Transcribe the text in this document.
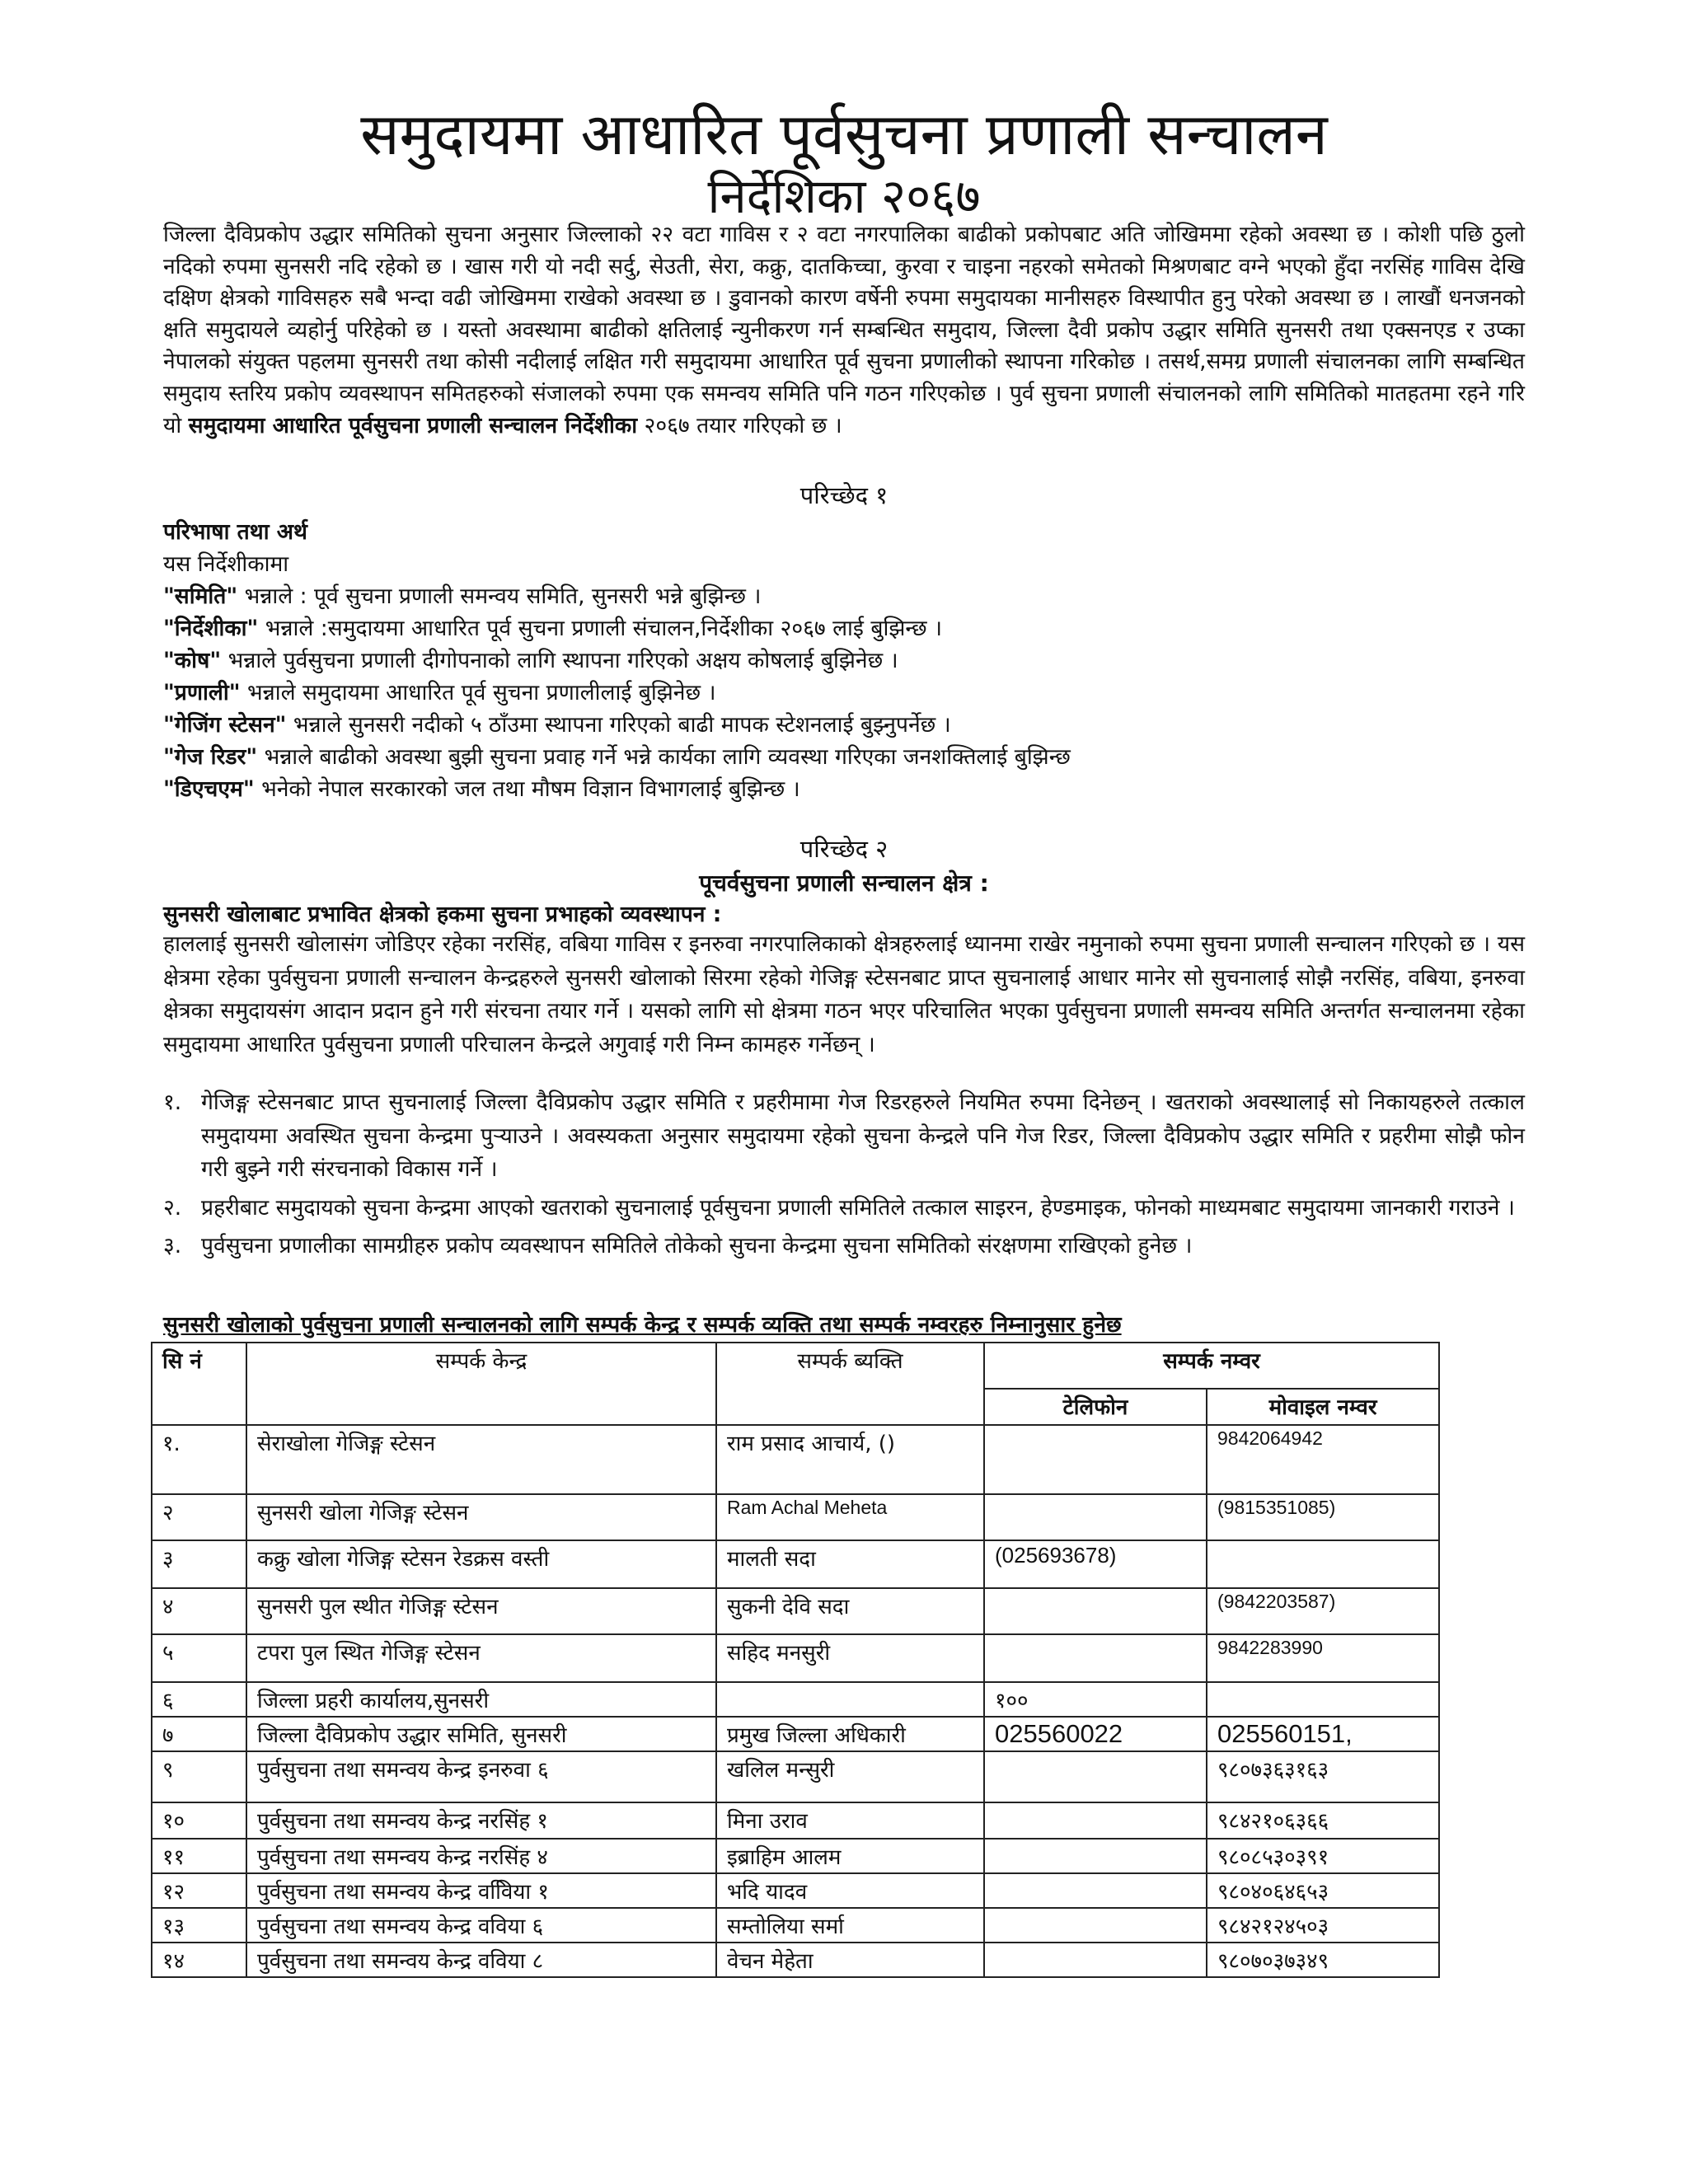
समुदायमा आधारित पूर्वसुचना प्रणाली सन्चालन
निर्देशिका २०६७

जिल्ला दैविप्रकोप उद्धार समितिको सुचना अनुसार जिल्लाको २२ वटा गाविस र २ वटा नगरपालिका बाढीको प्रकोपबाट अति जोखिममा रहेको अवस्था छ । कोशी पछि ठुलो नदिको रुपमा सुनसरी नदि रहेको छ । खास गरी यो नदी सर्दु, सेउती, सेरा, कक्रु, दातकिच्चा, कुरवा र चाइना नहरको समेतको मिश्रणबाट वग्ने भएको हुँदा नरसिंह गाविस देखि दक्षिण क्षेत्रको गाविसहरु सबै भन्दा वढी जोखिममा राखेको अवस्था छ । डुवानको कारण वर्षेनी रुपमा समुदायका मानीसहरु विस्थापीत हुनु परेको अवस्था छ । लाखौं धनजनको क्षति समुदायले व्यहोर्नु परिहेको छ । यस्तो अवस्थामा बाढीको क्षतिलाई न्युनीकरण गर्न सम्बन्धित समुदाय, जिल्ला दैवी प्रकोप उद्धार समिति सुनसरी तथा एक्सनएड र उप्का नेपालको संयुक्त पहलमा सुनसरी तथा कोसी नदीलाई लक्षित गरी समुदायमा आधारित पूर्व सुचना प्रणालीको स्थापना गरिकोछ । तसर्थ,समग्र प्रणाली संचालनका लागि सम्बन्धित समुदाय स्तरिय प्रकोप व्यवस्थापन समितहरुको संजालको रुपमा एक समन्वय समिति पनि गठन गरिएकोछ । पुर्व सुचना प्रणाली संचालनको लागि समितिको मातहतमा रहने गरि यो समुदायमा आधारित पूर्वसुचना प्रणाली सन्चालन निर्देशीका २०६७ तयार गरिएको छ ।

परिच्छेद १

परिभाषा तथा अर्थ

यस निर्देशीकामा

"समिति" भन्नाले : पूर्व सुचना प्रणाली समन्वय समिति, सुनसरी भन्ने बुझिन्छ ।

"निर्देशीका" भन्नाले :समुदायमा आधारित पूर्व सुचना प्रणाली संचालन,निर्देशीका २०६७ लाई बुझिन्छ ।

"कोष" भन्नाले पुर्वसुचना प्रणाली दीगोपनाको लागि स्थापना गरिएको अक्षय कोषलाई बुझिनेछ ।

"प्रणाली" भन्नाले समुदायमा आधारित पूर्व सुचना प्रणालीलाई बुझिनेछ ।

"गेजिंग स्टेसन" भन्नाले सुनसरी नदीको ५ ठाँउमा स्थापना गरिएको बाढी मापक स्टेशनलाई बुझ्नुपर्नेछ ।

"गेज रिडर" भन्नाले बाढीको अवस्था बुझी सुचना प्रवाह गर्ने भन्ने कार्यका लागि व्यवस्था गरिएका जनशक्तिलाई बुझिन्छ

"डिएचएम" भनेको नेपाल सरकारको जल तथा मौषम विज्ञान विभागलाई बुझिन्छ ।

परिच्छेद २

पूचर्वसुचना प्रणाली सन्चालन क्षेत्र :

सुनसरी खोलाबाट प्रभावित क्षेत्रको हकमा सुचना प्रभाहको व्यवस्थापन :

हाललाई सुनसरी खोलासंग जोडिएर रहेका नरसिंह, वबिया गाविस र इनरुवा नगरपालिकाको क्षेत्रहरुलाई ध्यानमा राखेर नमुनाको रुपमा सुचना प्रणाली सन्चालन गरिएको छ । यस क्षेत्रमा रहेका पुर्वसुचना प्रणाली सन्चालन केन्द्रहरुले सुनसरी खोलाको सिरमा रहेको गेजिङ्ग स्टेसनबाट प्राप्त सुचनालाई आधार मानेर सो सुचनालाई सोझै नरसिंह, वबिया, इनरुवा क्षेत्रका समुदायसंग आदान प्रदान हुने गरी संरचना तयार गर्ने । यसको लागि सो क्षेत्रमा गठन भएर परिचालित भएका पुर्वसुचना प्रणाली समन्वय समिति अन्तर्गत सन्चालनमा रहेका समुदायमा आधारित पुर्वसुचना प्रणाली परिचालन केन्द्रले अगुवाई गरी निम्न कामहरु गर्नेछन् ।

१. गेजिङ्ग स्टेसनबाट प्राप्त सुचनालाई जिल्ला दैविप्रकोप उद्धार समिति र प्रहरीमामा गेज रिडरहरुले नियमित रुपमा दिनेछन् । खतराको अवस्थालाई सो निकायहरुले तत्काल समुदायमा अवस्थित सुचना केन्द्रमा पुऱ्याउने । अवस्यकता अनुसार समुदायमा रहेको सुचना केन्द्रले पनि गेज रिडर, जिल्ला दैविप्रकोप उद्धार समिति र प्रहरीमा सोझै फोन गरी बुझ्ने गरी संरचनाको विकास गर्ने ।
२. प्रहरीबाट समुदायको सुचना केन्द्रमा आएको खतराको सुचनालाई पूर्वसुचना प्रणाली समितिले तत्काल साइरन, हेण्डमाइक, फोनको माध्यमबाट समुदायमा जानकारी गराउने ।
३. पुर्वसुचना प्रणालीका सामग्रीहरु प्रकोप व्यवस्थापन समितिले तोकेको सुचना केन्द्रमा सुचना समितिको संरक्षणमा राखिएको हुनेछ ।

सुनसरी खोलाको पुर्वसुचना प्रणाली सन्चालनको लागि सम्पर्क केन्द्र र सम्पर्क व्यक्ति तथा सम्पर्क नम्वरहरु निम्नानुसार हुनेछ

सि नं	सम्पर्क केन्द्र	सम्पर्क ब्यक्ति	सम्पर्क नम्वर	
			टेलिफोन	मोवाइल नम्वर
१.	सेराखोला गेजिङ्ग स्टेसन	राम प्रसाद आचार्य, ()		9842064942
२	सुनसरी खोला गेजिङ्ग स्टेसन	Ram Achal Meheta		(9815351085)
३	कक्रु खोला गेजिङ्ग स्टेसन रेडक्रस वस्ती	मालती सदा	(025693678)	
४	सुनसरी पुल स्थीत गेजिङ्ग स्टेसन	सुकनी देवि सदा		(9842203587)
५	टपरा पुल स्थित गेजिङ्ग स्टेसन	सहिद मनसुरी		9842283990
६	जिल्ला प्रहरी कार्यालय,सुनसरी		१००	
७	जिल्ला दैविप्रकोप उद्धार समिति, सुनसरी	प्रमुख जिल्ला अधिकारी	025560022	025560151,
९	पुर्वसुचना तथा समन्वय केन्द्र इनरुवा ६	खलिल मन्सुरी		९८०७३६३१६३
१०	पुर्वसुचना तथा समन्वय केन्द्र नरसिंह १	मिना उराव		९८४२१०६३६६
११	पुर्वसुचना तथा समन्वय केन्द्र नरसिंह ४	इब्राहिम आलम		९८०८५३०३९१
१२	पुर्वसुचना तथा समन्वय केन्द्र ववििया १	भदि यादव		९८०४०६४६५३
१३	पुर्वसुचना तथा समन्वय केन्द्र वविया ६	सम्तोलिया सर्मा		९८४२१२४५०३
१४	पुर्वसुचना तथा समन्वय केन्द्र वविया ८	वेचन मेहेता		९८०७०३७३४९
